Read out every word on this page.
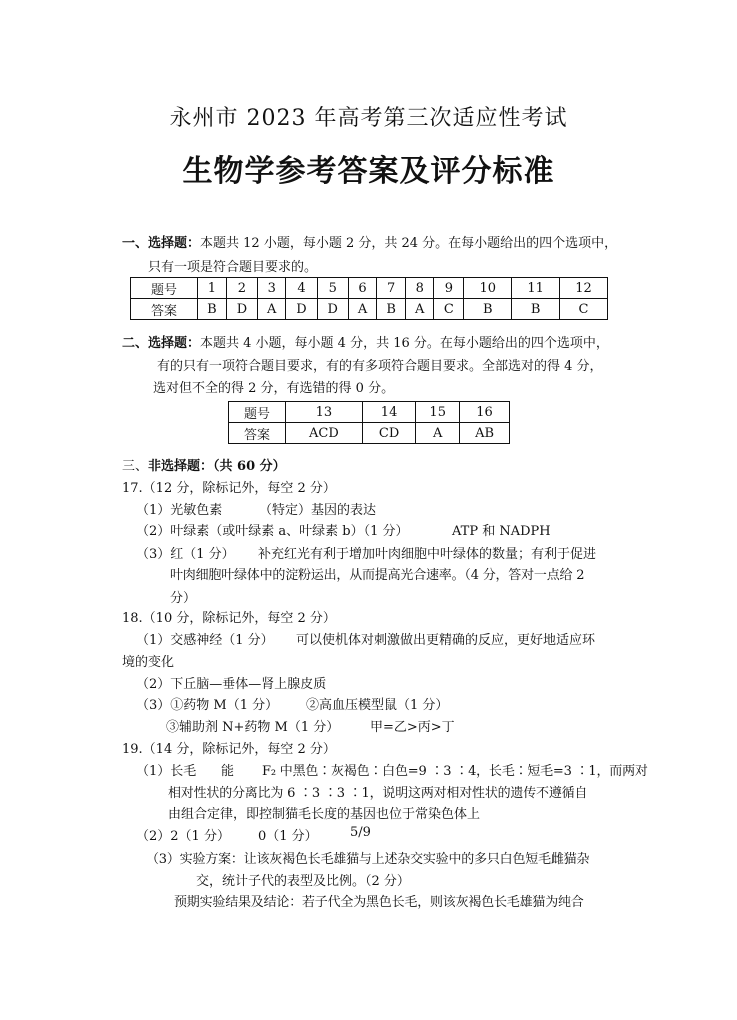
永州市 2023 年高考第三次适应性考试
生物学参考答案及评分标准
一、选择题：本题共 12 小题，每小题 2 分，共 24 分。在每小题给出的四个选项中，
只有一项是符合题目要求的。
题号	1	2	3	4	5	6	7	8	9	10	11	12
答案	B	D	A	D	D	A	B	A	C	B	B	C
二、选择题：本题共 4 小题，每小题 4 分，共 16 分。在每小题给出的四个选项中，
有的只有一项符合题目要求，有的有多项符合题目要求。全部选对的得 4 分，
选对但不全的得 2 分，有选错的得 0 分。
题号	13	14	15	16
答案	ACD	CD	A	AB
三、非选择题：（共 60 分）
17.（12 分，除标记外，每空 2 分）
（1）光敏色素	（特定）基因的表达
（2）叶绿素（或叶绿素 a、叶绿素 b）（1 分）	ATP 和 NADPH
（3）红（1 分） 补充红光有利于增加叶肉细胞中叶绿体的数量；有利于促进
叶肉细胞叶绿体中的淀粉运出，从而提高光合速率。（4 分，答对一点给 2
分）
18.（10 分，除标记外，每空 2 分）
（1）交感神经（1 分） 可以使机体对刺激做出更精确的反应，更好地适应环
境的变化
（2）下丘脑—垂体—肾上腺皮质
（3）①药物 M（1 分） ②高血压模型鼠（1 分）
③辅助剂 N+药物 M（1 分） 甲=乙>丙>丁
19.（14 分，除标记外，每空 2 分）
（1）长毛 能 F₂ 中黑色∶灰褐色∶白色=9 ∶3 ∶4，长毛∶短毛=3 ∶1，而两对
相对性状的分离比为 6 ∶3 ∶3 ∶1，说明这两对相对性状的遗传不遵循自
由组合定律，即控制猫毛长度的基因也位于常染色体上
（2）2（1 分） 0（1 分） 5/9
（3）实验方案：让该灰褐色长毛雄猫与上述杂交实验中的多只白色短毛雌猫杂
交，统计子代的表型及比例。（2 分）
预期实验结果及结论：若子代全为黑色长毛，则该灰褐色长毛雄猫为纯合
